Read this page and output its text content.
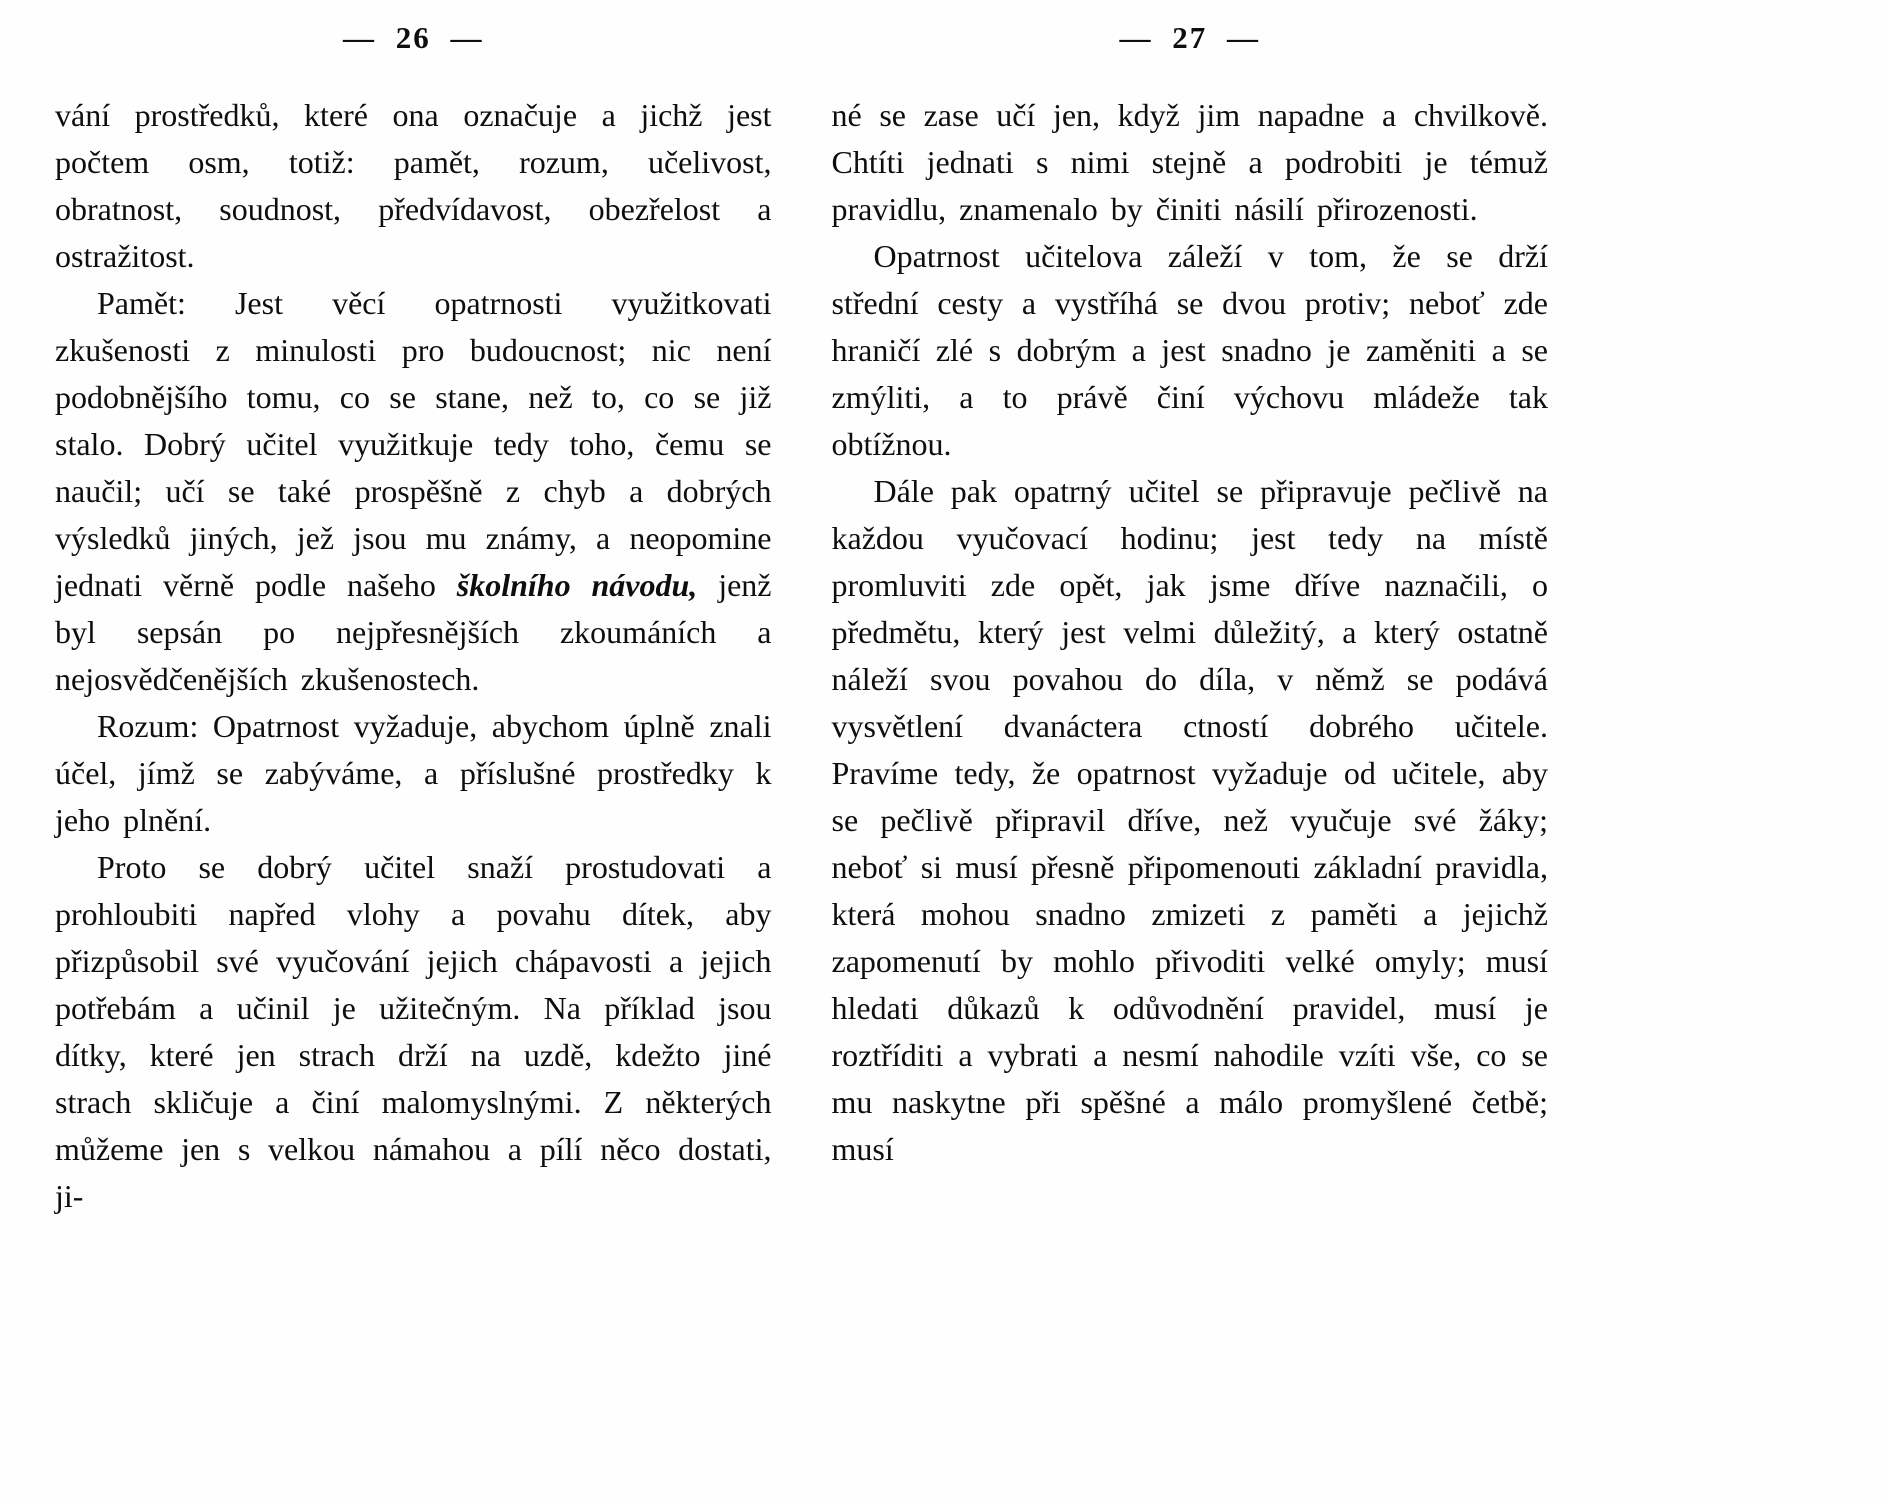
— 26 —

vání prostředků, které ona označuje a jichž jest počtem osm, totiž: pamět, rozum, učelivost, obratnost, soudnost, předvídavost, obezřelost a ostražitost.

Pamět: Jest věcí opatrnosti využitkovati zkušenosti z minulosti pro budoucnost; nic není podobnějšího tomu, co se stane, než to, co se již stalo. Dobrý učitel využitkuje tedy toho, čemu se naučil; učí se také prospěšně z chyb a dobrých výsledků jiných, jež jsou mu známy, a neopomine jednati věrně podle našeho školního návodu, jenž byl sepsán po nejpřesnějších zkoumáních a nejosvědčenějších zkušenostech.

Rozum: Opatrnost vyžaduje, abychom úplně znali účel, jímž se zabýváme, a příslušné prostředky k jeho plnění.

Proto se dobrý učitel snaží prostudovati a prohloubiti napřed vlohy a povahu dítek, aby přizpůsobil své vyučování jejich chápavosti a jejich potřebám a učinil je užitečným. Na příklad jsou dítky, které jen strach drží na uzdě, kdežto jiné strach skličuje a činí malomyslnými. Z některých můžeme jen s velkou námahou a pílí něco dostati, ji-

— 27 —

né se zase učí jen, když jim napadne a chvilkově. Chtíti jednati s nimi stejně a podrobiti je témuž pravidlu, znamenalo by činiti násilí přirozenosti.

Opatrnost učitelova záleží v tom, že se drží střední cesty a vystříhá se dvou protiv; neboť zde hraničí zlé s dobrým a jest snadno je zaměniti a se zmýliti, a to právě činí výchovu mládeže tak obtížnou.

Dále pak opatrný učitel se připravuje pečlivě na každou vyučovací hodinu; jest tedy na místě promluviti zde opět, jak jsme dříve naznačili, o předmětu, který jest velmi důležitý, a který ostatně náleží svou povahou do díla, v němž se podává vysvětlení dvanáctera ctností dobrého učitele. Pravíme tedy, že opatrnost vyžaduje od učitele, aby se pečlivě připravil dříve, než vyučuje své žáky; neboť si musí přesně připomenouti základní pravidla, která mohou snadno zmizeti z paměti a jejichž zapomenutí by mohlo přivoditi velké omyly; musí hledati důkazů k odůvodnění pravidel, musí je roztříditi a vybrati a nesmí nahodile vzíti vše, co se mu naskytne při spěšné a málo promyšlené četbě; musí
